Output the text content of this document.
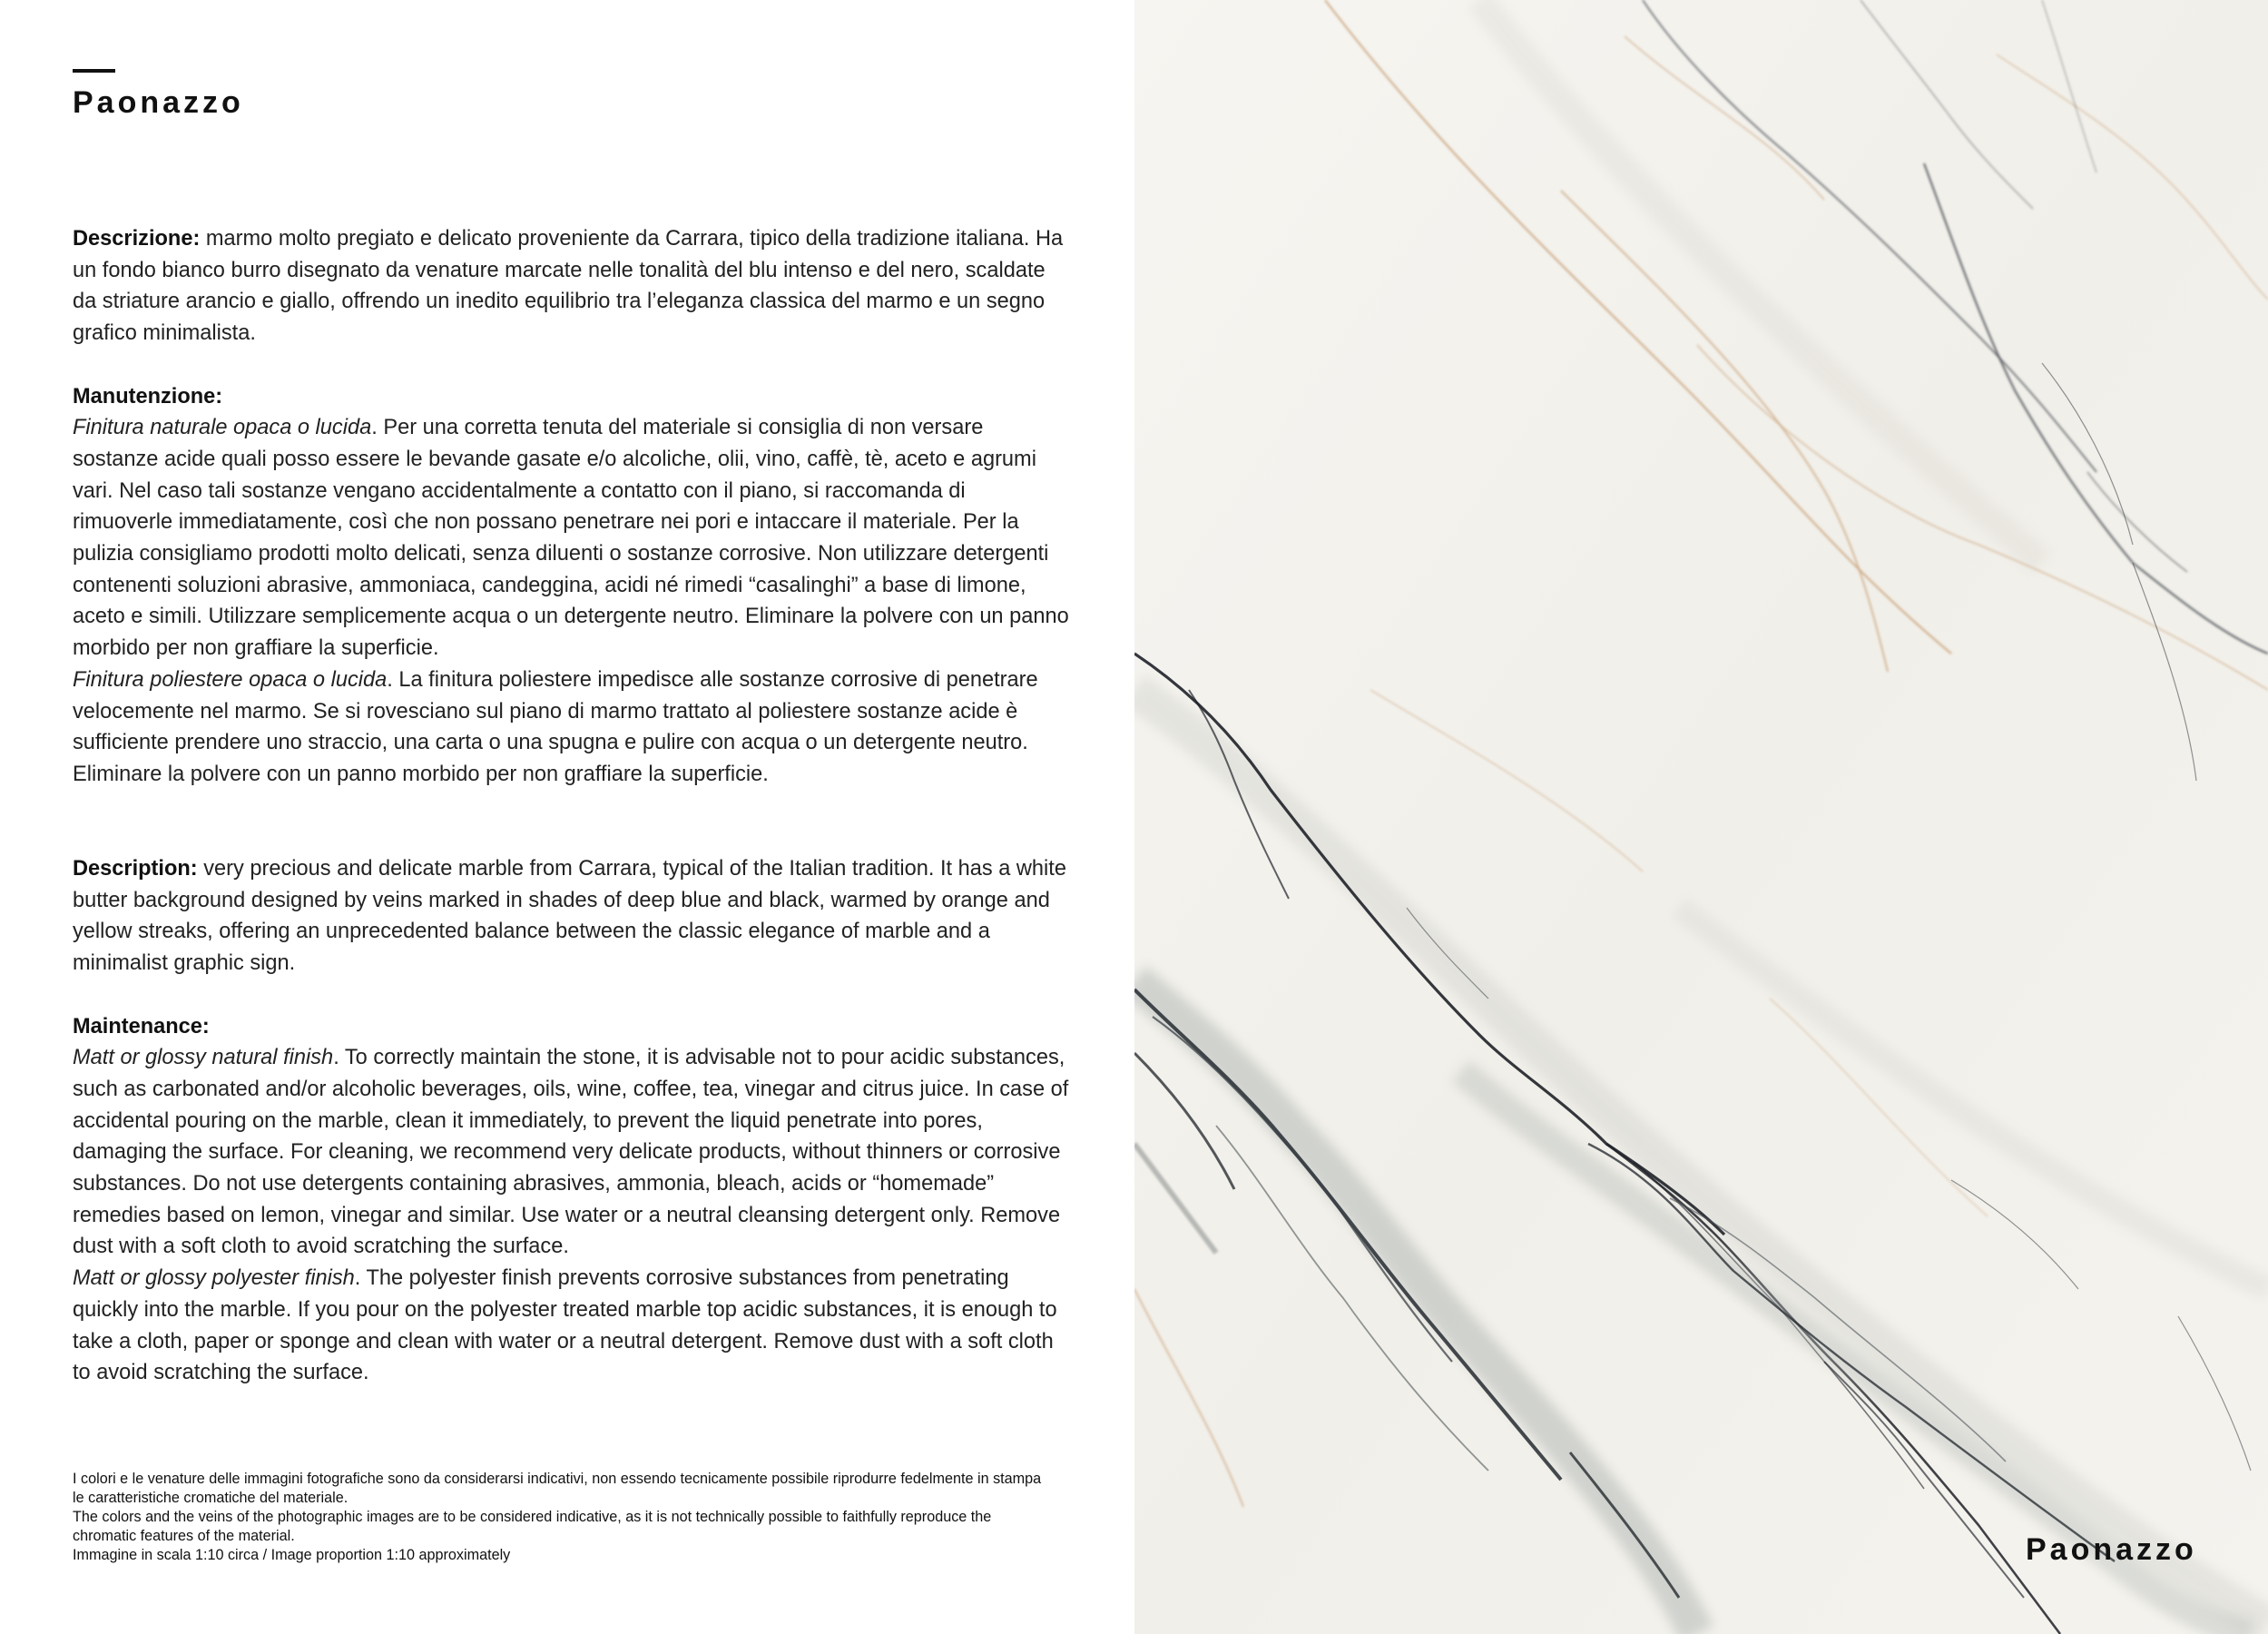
Paonazzo

Descrizione: marmo molto pregiato e delicato proveniente da Carrara, tipico della tradizione italiana. Ha un fondo bianco burro disegnato da venature marcate nelle tonalità del blu intenso e del nero, scaldate da striature arancio e giallo, offrendo un inedito equilibrio tra l’eleganza classica del marmo e un segno grafico minimalista.

Manutenzione:

Finitura naturale opaca o lucida. Per una corretta tenuta del materiale si consiglia di non versare sostanze acide quali posso essere le bevande gasate e/o alcoliche, olii, vino, caffè, tè, aceto e agrumi vari. Nel caso tali sostanze vengano accidentalmente a contatto con il piano, si raccomanda di rimuoverle immediatamente, così che non possano penetrare nei pori e intaccare il materiale. Per la pulizia consigliamo prodotti molto delicati, senza diluenti o sostanze corrosive. Non utilizzare detergenti contenenti soluzioni abrasive, ammoniaca, candeggina, acidi né rimedi “casalinghi” a base di limone, aceto e simili. Utilizzare semplicemente acqua o un detergente neutro. Eliminare la polvere con un panno morbido per non graffiare la superficie.

Finitura poliestere opaca o lucida. La finitura poliestere impedisce alle sostanze corrosive di penetrare velocemente nel marmo. Se si rovesciano sul piano di marmo trattato al poliestere sostanze acide è sufficiente prendere uno straccio, una carta o una spugna e pulire con acqua o un detergente neutro. Eliminare la polvere con un panno morbido per non graffiare la superficie.

Description: very precious and delicate marble from Carrara, typical of the Italian tradition. It has a white butter background designed by veins marked in shades of deep blue and black, warmed by orange and yellow streaks, offering an unprecedented balance between the classic elegance of marble and a minimalist graphic sign.

Maintenance:

Matt or glossy natural finish. To correctly maintain the stone, it is advisable not to pour acidic substances, such as carbonated and/or alcoholic beverages, oils, wine, coffee, tea, vinegar and citrus juice. In case of accidental pouring on the marble, clean it immediately, to prevent the liquid penetrate into pores, damaging the surface. For cleaning, we recommend very delicate products, without thinners or corrosive substances. Do not use detergents containing abrasives, ammonia, bleach, acids or “homemade” remedies based on lemon, vinegar and similar. Use water or a neutral cleansing detergent only. Remove dust with a soft cloth to avoid scratching the surface.

Matt or glossy polyester finish. The polyester finish prevents corrosive substances from penetrating quickly into the marble. If you pour on the polyester treated marble top acidic substances, it is enough to take a cloth, paper or sponge and clean with water or a neutral detergent. Remove dust with a soft cloth to avoid scratching the surface.

I colori e le venature delle immagini fotografiche sono da considerarsi indicativi, non essendo tecnicamente possibile riprodurre fedelmente in stampa le caratteristiche cromatiche del materiale.

The colors and the veins of the photographic images are to be considered indicative, as it is not technically possible to faithfully reproduce the chromatic features of the material.

Immagine in scala 1:10 circa / Image proportion 1:10 approximately	Paonazzo
